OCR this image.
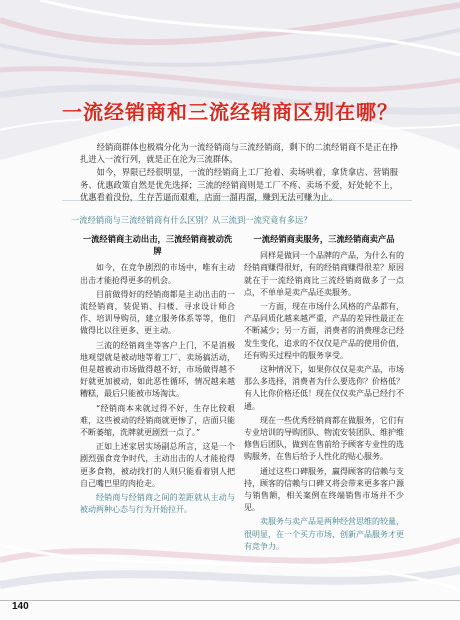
一流经销商和三流经销商区别在哪？

经销商群体也极端分化为一流经销商与三流经销商，剩下的二流经销商不是正在挣扎进入一流行列，就是正在沦为三流群体。

如今，界限已经很明显，一流的经销商上工厂抢着、卖场哄着，拿货拿店、营销服务、优惠政策自然是优先选择；三流的经销商则是工厂不疼、卖场不爱，好处轮不上，优惠看着没份，生存苦逼而艰难，店面一溜再溜，赚到无法可赚为止。

一流经销商与三流经销商有什么区别？从三流到一流究竟有多远？
一流经销商主动出击，三流经销商被动洗牌

如今，在竞争剧烈的市场中，唯有主动出击才能抢得更多的机会。

目前做得好的经销商都是主动出击的一流经销商，装促销、扫楼、寻求设计师合作、培训导购员，建立服务体系等等，他们做得比以往更多、更主动。

三流的经销商坐等客户上门，不是消极地观望就是被动地等着工厂、卖场搞活动，但是越被动市场做得越不好，市场做得越不好就更加被动，如此恶性循环，情况越来越糟糕，最后只能被市场淘汰。

“经销商本来就过得不好，生存比较艰难，这些被动的经销商就更惨了，店面只能不断萎缩，洗牌就更剧烈一点了。”

正如上述家居实场副总所言，这是一个剧烈强食竞争时代，主动出击的人才能抢得更多食物，被动找打的人则只能看着别人把自己嘴巴里的肉抢走。

经销商与经销商之间的差距就从主动与被动两种心态与行为开始拉开。

一流经销商卖服务，三流经销商卖产品

同样是做同一个品牌的产品，为什么有的经销商赚得很好，有的经销商赚得很差？原因就在于一流经销商比三流经销商做多了一点点，不单单是卖产品还卖服务。

一方面，现在市场什么风格的产品都有，产品同质化越来越严重，产品的差异性最正在不断减少；另一方面，消费者的消费理念已经发生变化，追求的不仅仅是产品的使用价值，还有购买过程中的服务享受。

这种情况下，如果你仅仅是卖产品，市场那么多选择，消费者为什么要选你？价格低？有人比你价格还低！现在仅仅卖产品已经行不通。

现在一些优秀经销商都在做服务，它们有专业培训的导购团队、物流安装团队、维护维修售后团队，做到在售前给予顾客专业性的选购服务，在售后给予人性化的贴心服务。

通过这些口碑服务，赢得顾客的信赖与支持，顾客的信赖与口碑又将会带来更多客户源与销售额，相关案例在终端销售市场并不少见。

卖服务与卖产品是两种经营思维的较量，很明显，在一个买方市场，创新产品服务才更有竞争力。

140
